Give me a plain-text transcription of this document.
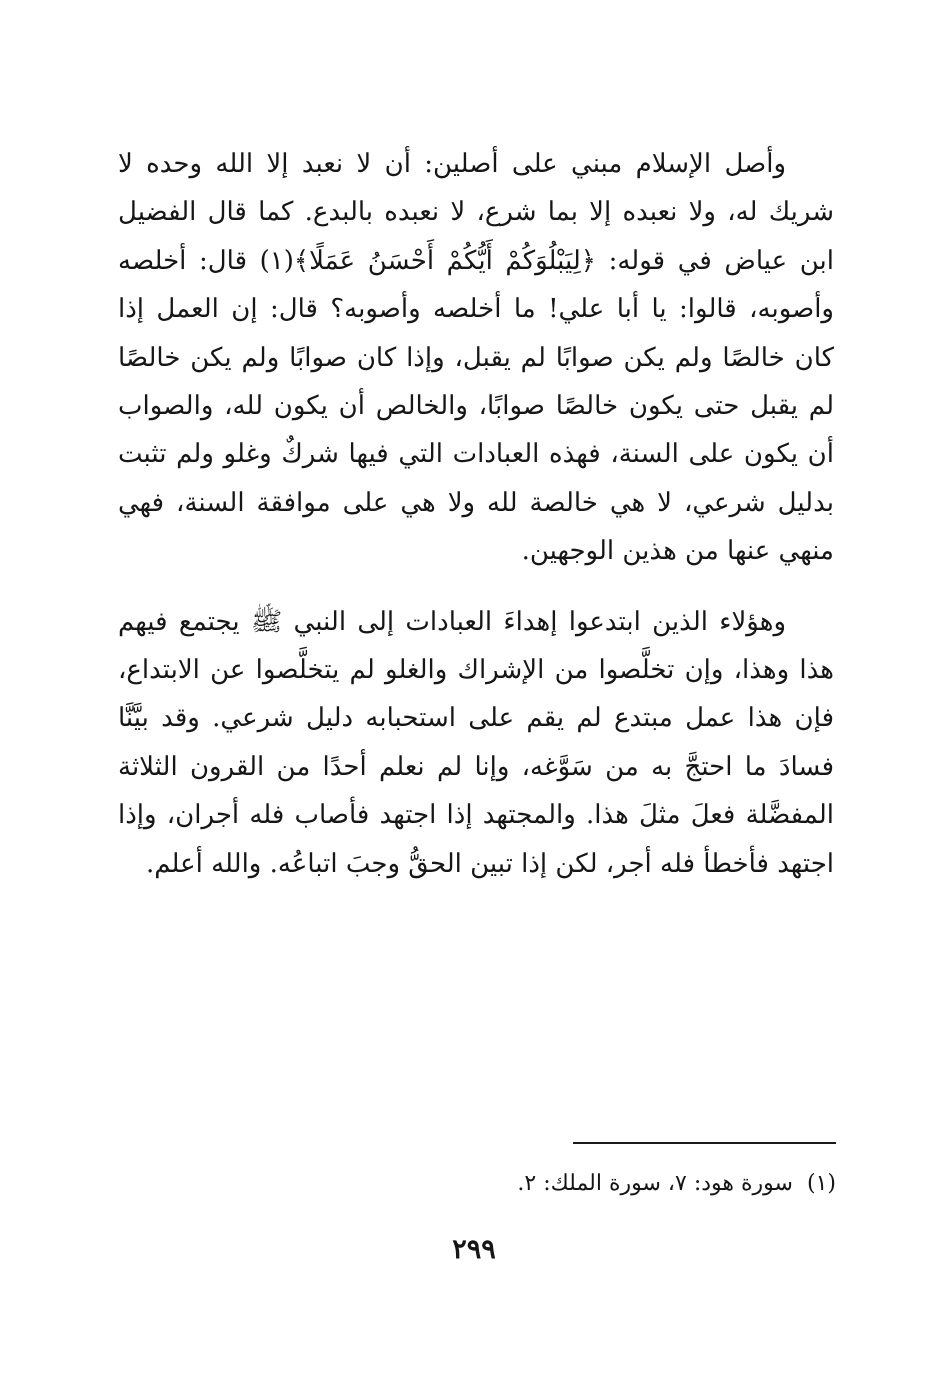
وأصل الإسلام مبني على أصلين: أن لا نعبد إلا الله وحده لا شريك له، ولا نعبده إلا بما شرع، لا نعبده بالبدع. كما قال الفضيل ابن عياض في قوله: ﴿لِيَبْلُوَكُمْ أَيُّكُمْ أَحْسَنُ عَمَلًا﴾(١) قال: أخلصه وأصوبه، قالوا: يا أبا علي! ما أخلصه وأصوبه؟ قال: إن العمل إذا كان خالصًا ولم يكن صوابًا لم يقبل، وإذا كان صوابًا ولم يكن خالصًا لم يقبل حتى يكون خالصًا صوابًا، والخالص أن يكون لله، والصواب أن يكون على السنة، فهذه العبادات التي فيها شركٌ وغلو ولم تثبت بدليل شرعي، لا هي خالصة لله ولا هي على موافقة السنة، فهي منهي عنها من هذين الوجهين.

وهؤلاء الذين ابتدعوا إهداءَ العبادات إلى النبي ﷺ يجتمع فيهم هذا وهذا، وإن تخلَّصوا من الإشراك والغلو لم يتخلَّصوا عن الابتداع، فإن هذا عمل مبتدع لم يقم على استحبابه دليل شرعي. وقد بيَّنَّا فسادَ ما احتجَّ به من سَوَّغه، وإنا لم نعلم أحدًا من القرون الثلاثة المفضَّلة فعلَ مثلَ هذا. والمجتهد إذا اجتهد فأصاب فله أجران، وإذا اجتهد فأخطأ فله أجر، لكن إذا تبين الحقُّ وجبَ اتباعُه. والله أعلم.

(١)سورة هود: ٧، سورة الملك: ٢.
٢٩٩
